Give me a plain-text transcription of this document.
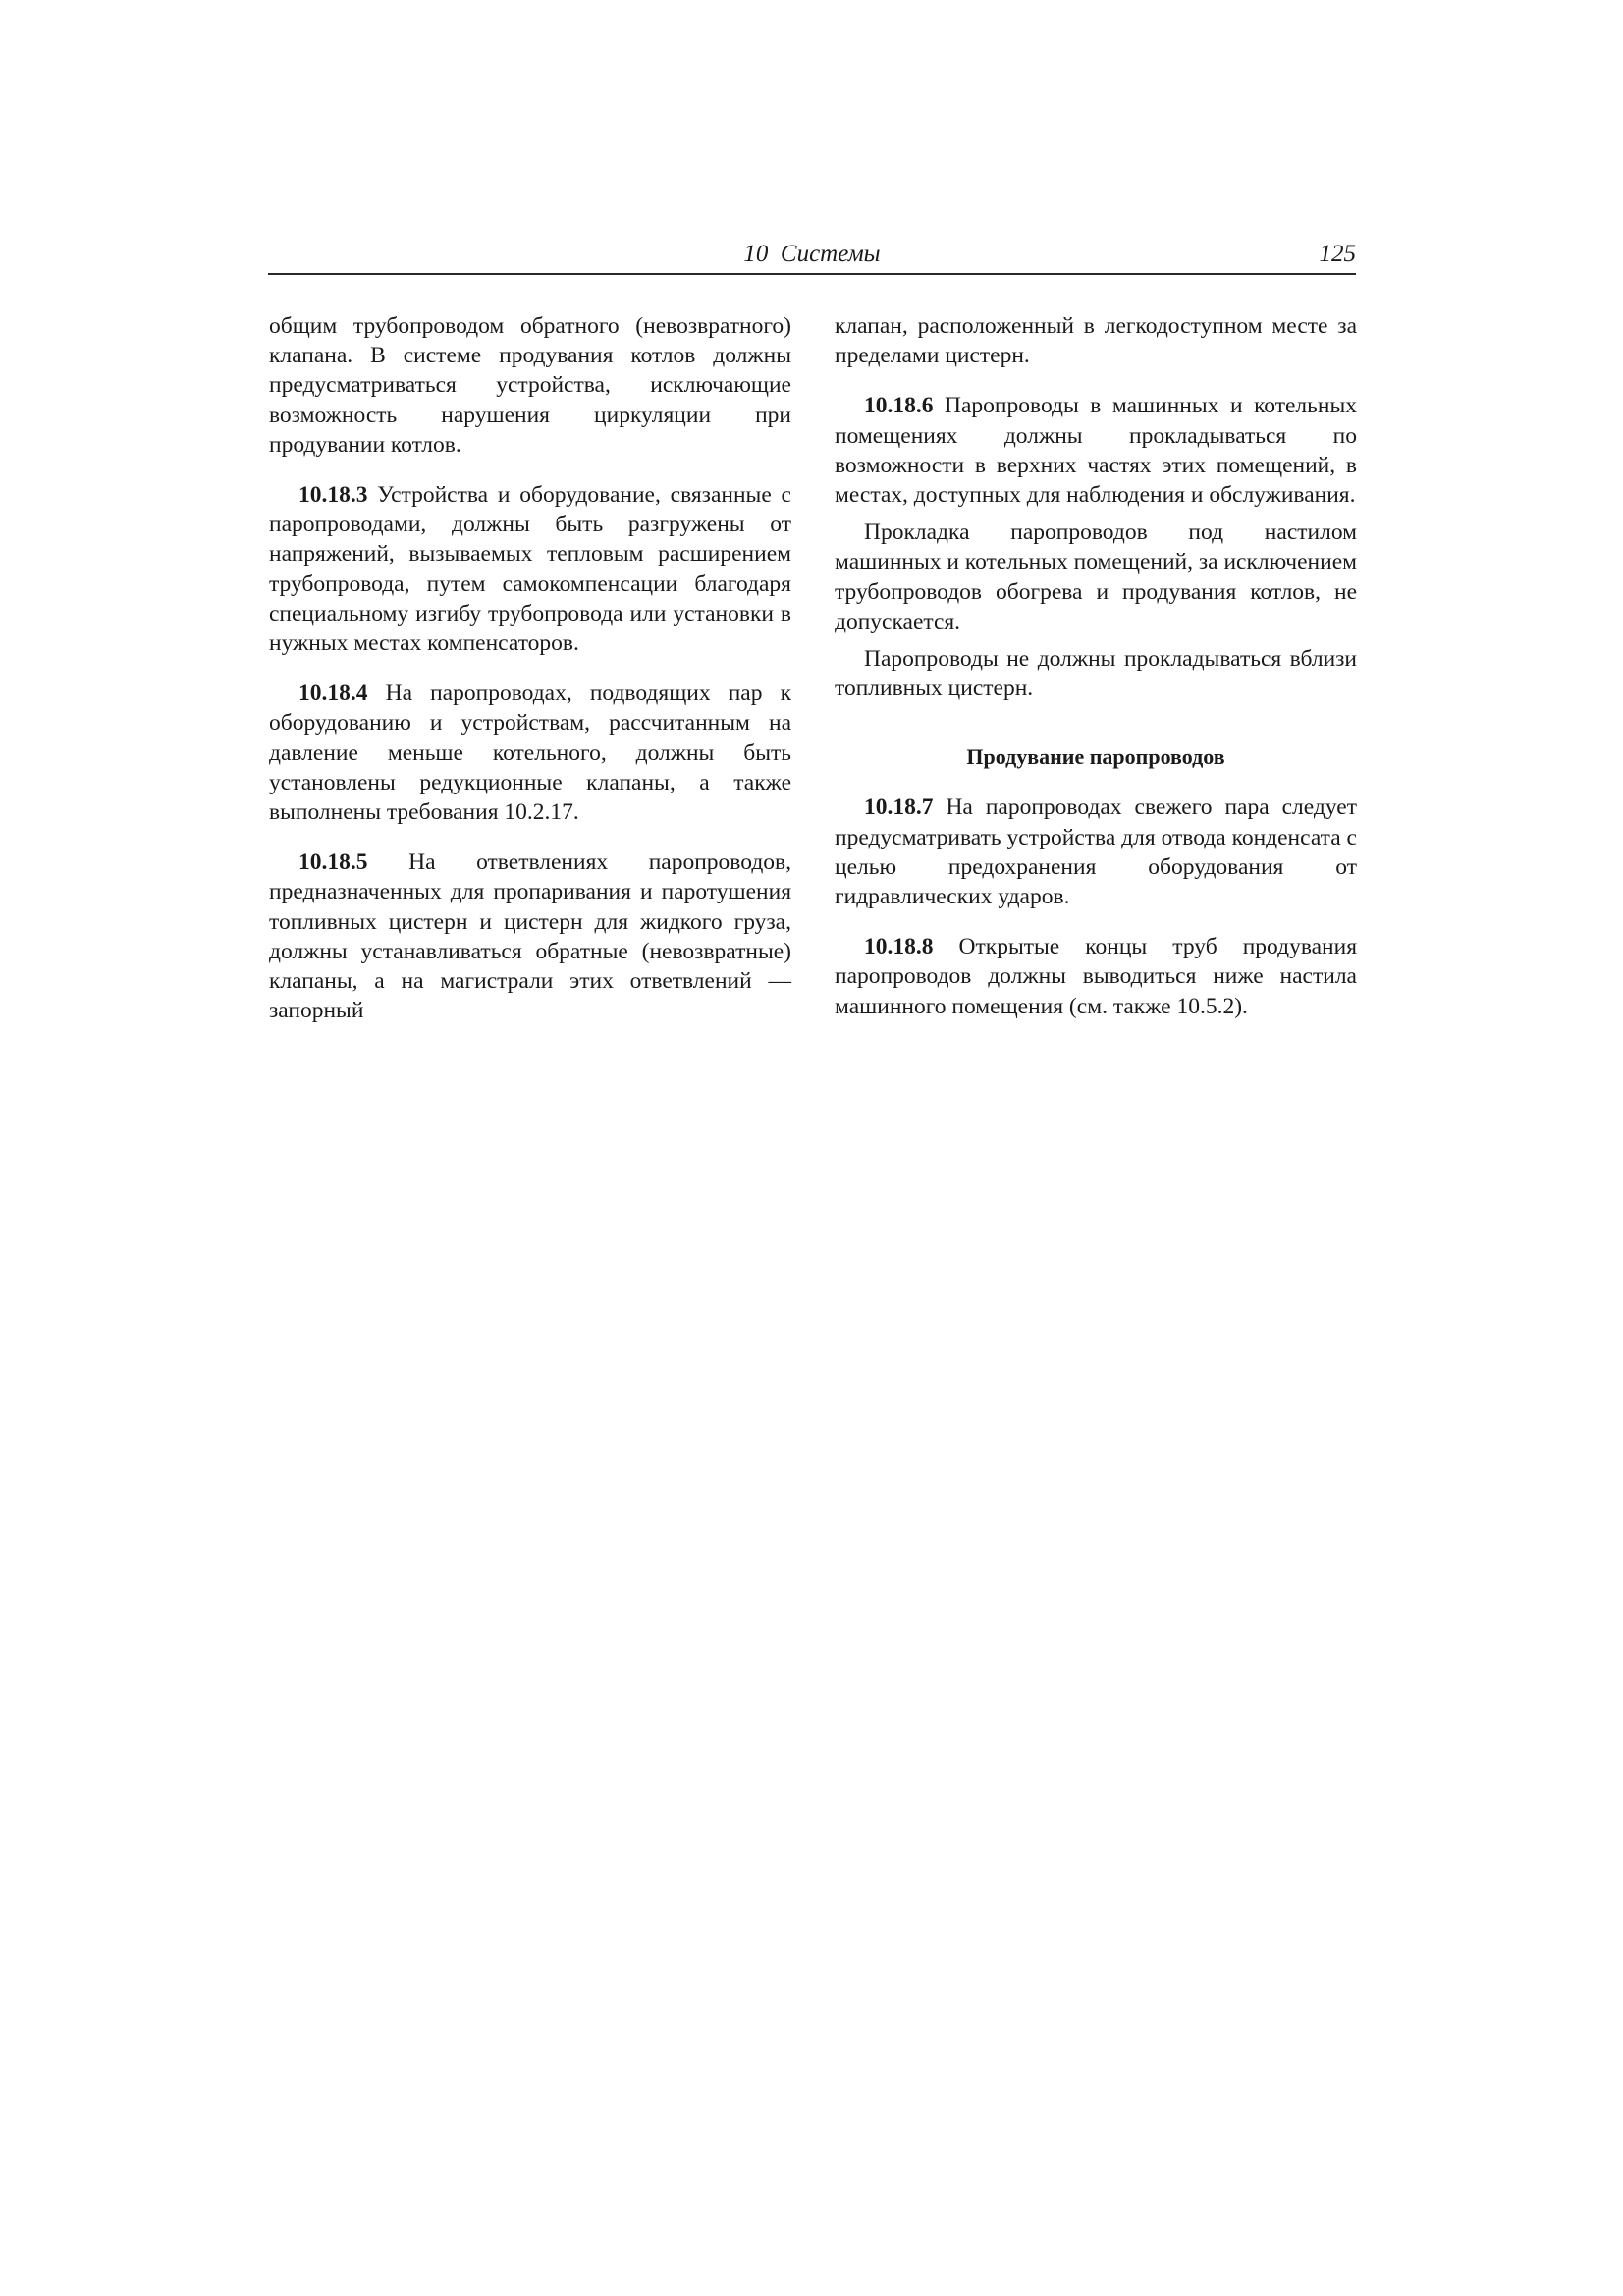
10  Системы	125

общим трубопроводом обратного (невозвратного) клапана. В системе продувания котлов должны предусматриваться устройства, исключающие возможность нарушения циркуляции при продувании котлов.

10.18.3 Устройства и оборудование, связанные с паропроводами, должны быть разгружены от напряжений, вызываемых тепловым расширением трубопровода, путем самокомпенсации благодаря специальному изгибу трубопровода или установки в нужных местах компенсаторов.

10.18.4 На паропроводах, подводящих пар к оборудованию и устройствам, рассчитанным на давление меньше котельного, должны быть установлены редукционные клапаны, а также выполнены требования 10.2.17.

10.18.5 На ответвлениях паропроводов, предназначенных для пропаривания и паротушения топливных цистерн и цистерн для жидкого груза, должны устанавливаться обратные (невозвратные) клапаны, а на магистрали этих ответвлений — запорный

клапан, расположенный в легкодоступном месте за пределами цистерн.

10.18.6 Паропроводы в машинных и котельных помещениях должны прокладываться по возможности в верхних частях этих помещений, в местах, доступных для наблюдения и обслуживания.

Прокладка паропроводов под настилом машинных и котельных помещений, за исключением трубопроводов обогрева и продувания котлов, не допускается.

Паропроводы не должны прокладываться вблизи топливных цистерн.

Продувание паропроводов

10.18.7 На паропроводах свежего пара следует предусматривать устройства для отвода конденсата с целью предохранения оборудования от гидравлических ударов.

10.18.8 Открытые концы труб продувания паропроводов должны выводиться ниже настила машинного помещения (см. также 10.5.2).
